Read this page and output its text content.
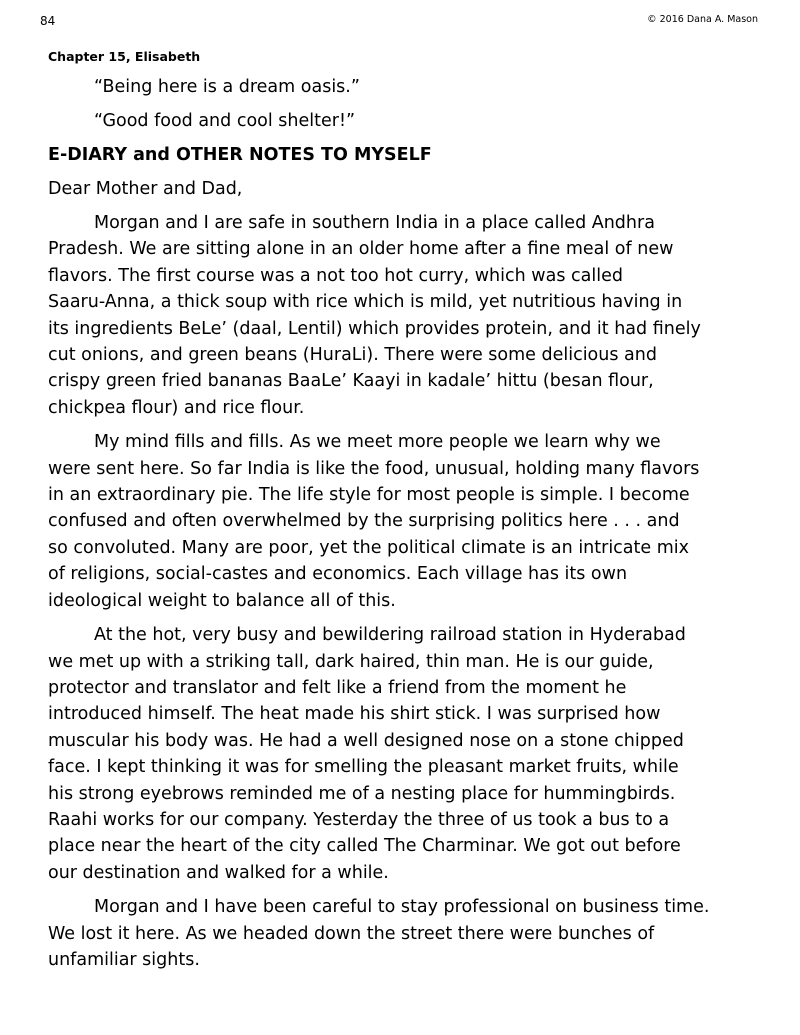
84	© 2016 Dana A. Mason
Chapter 15, Elisabeth
“Being here is a dream oasis.”
“Good food and cool shelter!”
E-DIARY and OTHER NOTES TO MYSELF
Dear Mother and Dad,
Morgan and I are safe in southern India in a place called Andhra
Pradesh. We are sitting alone in an older home after a fine meal of new
flavors. The first course was a not too hot curry, which was called
Saaru-Anna, a thick soup with rice which is mild, yet nutritious having in
its ingredients BeLe’ (daal, Lentil) which provides protein, and it had finely
cut onions, and green beans (HuraLi). There were some delicious and
crispy green fried bananas BaaLe’ Kaayi in kadale’ hittu (besan flour,
chickpea flour) and rice flour.
My mind fills and fills. As we meet more people we learn why we
were sent here. So far India is like the food, unusual, holding many flavors
in an extraordinary pie. The life style for most people is simple. I become
confused and often overwhelmed by the surprising politics here . . . and
so convoluted. Many are poor, yet the political climate is an intricate mix
of religions, social-castes and economics. Each village has its own
ideological weight to balance all of this.
At the hot, very busy and bewildering railroad station in Hyderabad
we met up with a striking tall, dark haired, thin man. He is our guide,
protector and translator and felt like a friend from the moment he
introduced himself. The heat made his shirt stick. I was surprised how
muscular his body was. He had a well designed nose on a stone chipped
face. I kept thinking it was for smelling the pleasant market fruits, while
his strong eyebrows reminded me of a nesting place for hummingbirds.
Raahi works for our company. Yesterday the three of us took a bus to a
place near the heart of the city called The Charminar. We got out before
our destination and walked for a while.
Morgan and I have been careful to stay professional on business time.
We lost it here. As we headed down the street there were bunches of
unfamiliar sights.
